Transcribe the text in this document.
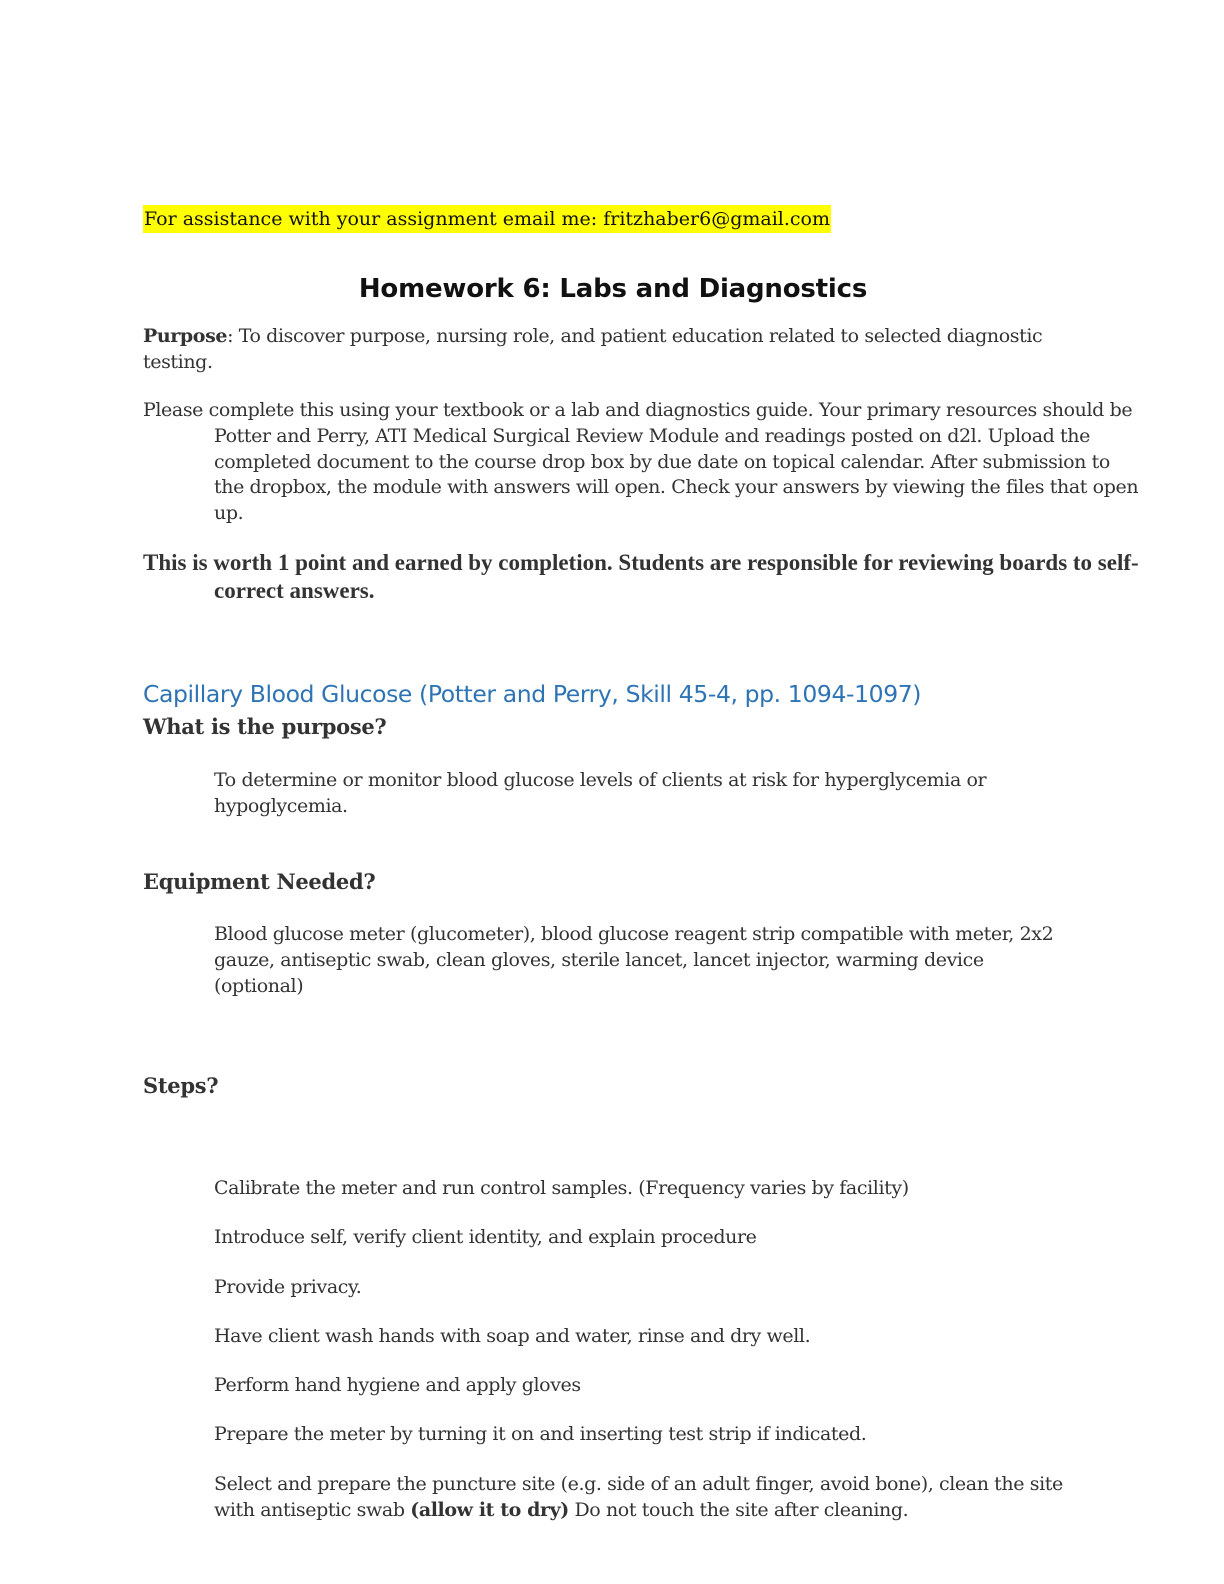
For assistance with your assignment email me: fritzhaber6@gmail.com
Homework 6: Labs and Diagnostics
Purpose: To discover purpose, nursing role, and patient education related to selected diagnostic testing.
Please complete this using your textbook or a lab and diagnostics guide. Your primary resources should be Potter and Perry, ATI Medical Surgical Review Module and readings posted on d2l. Upload the completed document to the course drop box by due date on topical calendar. After submission to the dropbox, the module with answers will open. Check your answers by viewing the files that open up.
This is worth 1 point and earned by completion. Students are responsible for reviewing boards to self-correct answers.
Capillary Blood Glucose (Potter and Perry, Skill 45-4, pp. 1094-1097)
What is the purpose?
To determine or monitor blood glucose levels of clients at risk for hyperglycemia or hypoglycemia.
Equipment Needed?
Blood glucose meter (glucometer), blood glucose reagent strip compatible with meter, 2x2 gauze, antiseptic swab, clean gloves, sterile lancet, lancet injector, warming device (optional)
Steps?
Calibrate the meter and run control samples. (Frequency varies by facility)
Introduce self, verify client identity, and explain procedure
Provide privacy.
Have client wash hands with soap and water, rinse and dry well.
Perform hand hygiene and apply gloves
Prepare the meter by turning it on and inserting test strip if indicated.
Select and prepare the puncture site (e.g. side of an adult finger, avoid bone), clean the site with antiseptic swab (allow it to dry) Do not touch the site after cleaning.
